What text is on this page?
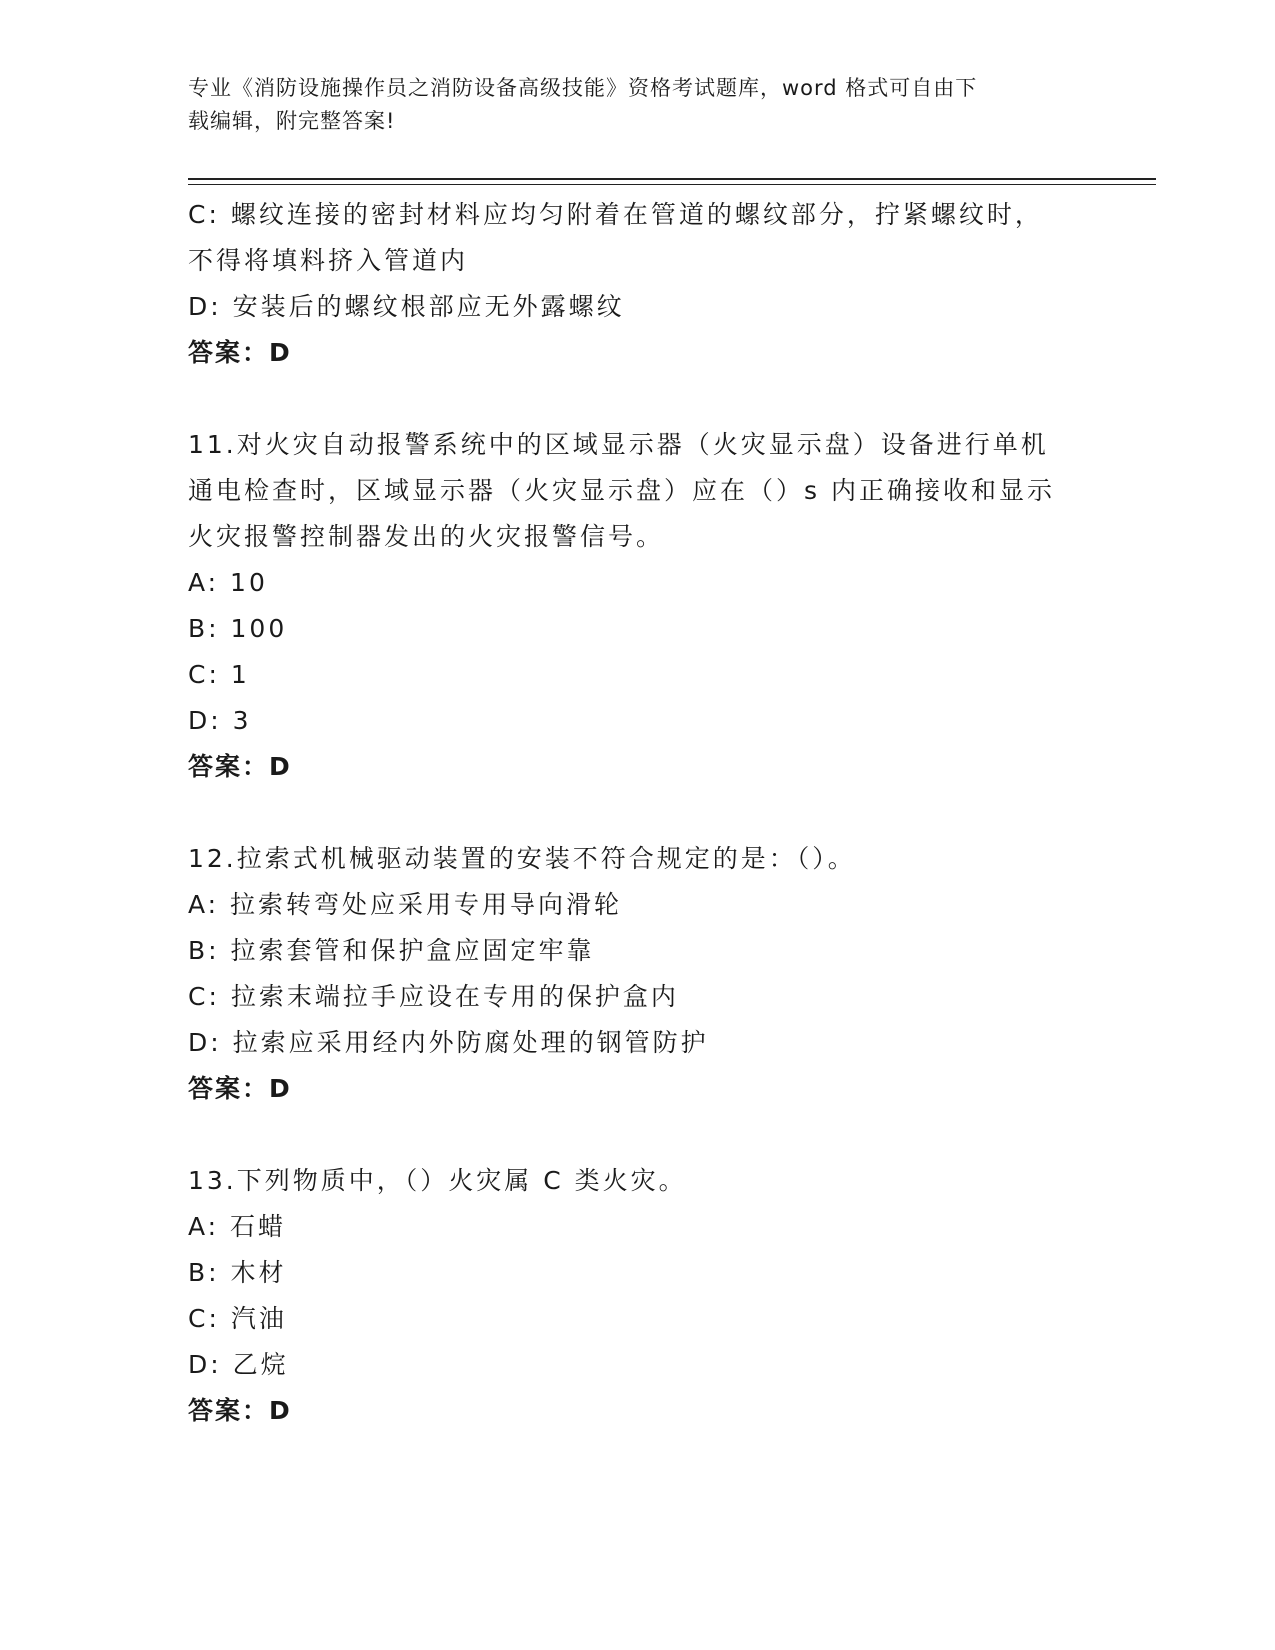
专业《消防设施操作员之消防设备高级技能》资格考试题库，word 格式可自由下
载编辑，附完整答案!
C: 螺纹连接的密封材料应均匀附着在管道的螺纹部分，拧紧螺纹时，
不得将填料挤入管道内
D: 安装后的螺纹根部应无外露螺纹
答案：D
11.对火灾自动报警系统中的区域显示器（火灾显示盘）设备进行单机
通电检查时，区域显示器（火灾显示盘）应在（）s 内正确接收和显示
火灾报警控制器发出的火灾报警信号。
A: 10
B: 100
C: 1
D: 3
答案：D
12.拉索式机械驱动装置的安装不符合规定的是：（）。
A: 拉索转弯处应采用专用导向滑轮
B: 拉索套管和保护盒应固定牢靠
C: 拉索末端拉手应设在专用的保护盒内
D: 拉索应采用经内外防腐处理的钢管防护
答案：D
13.下列物质中，（）火灾属 C 类火灾。
A: 石蜡
B: 木材
C: 汽油
D: 乙烷
答案：D
